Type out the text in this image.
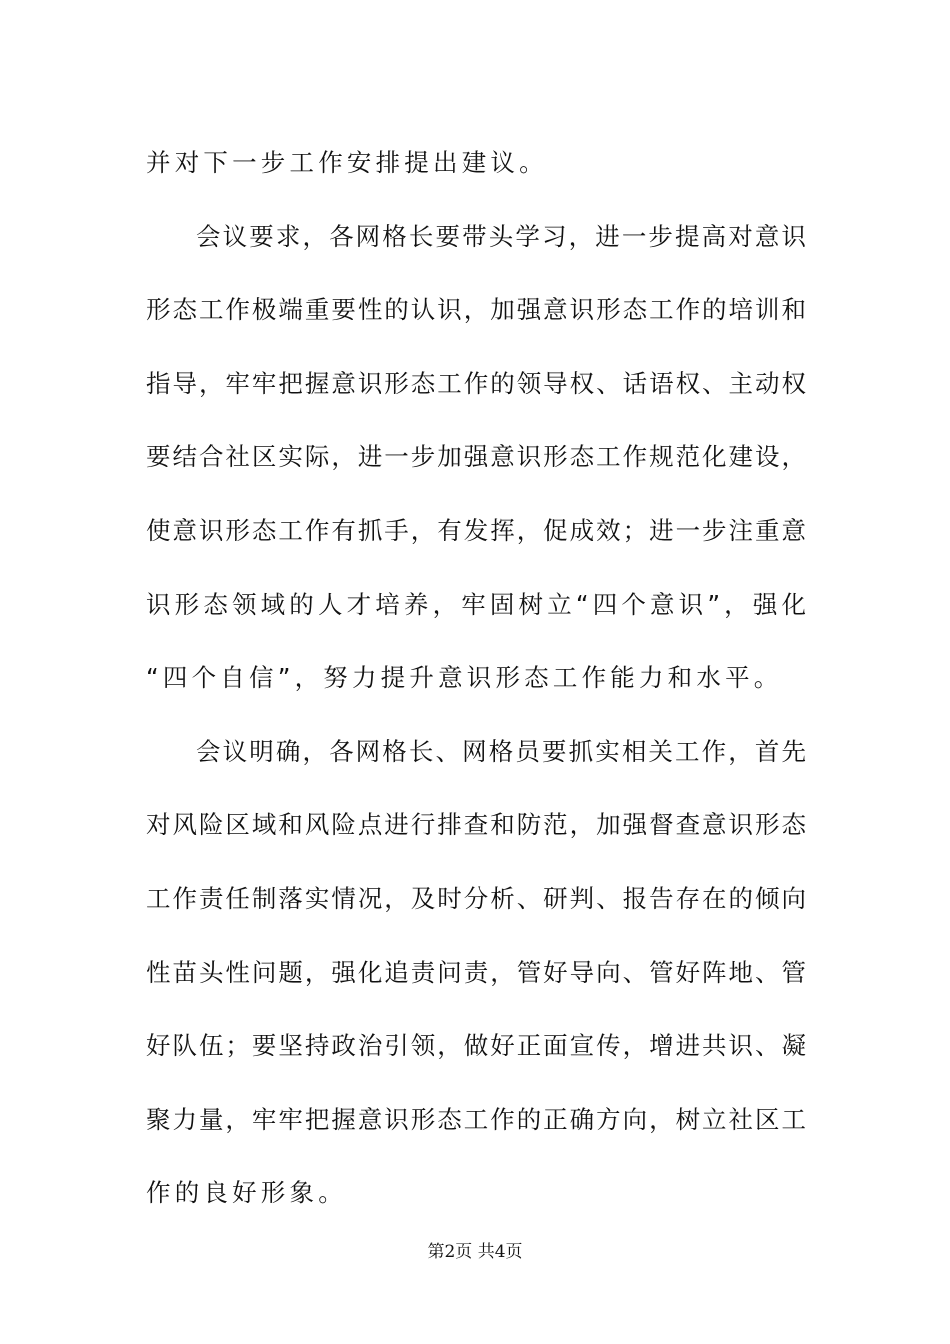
并对下一步工作安排提出建议。
会议要求，各网格长要带头学习，进一步提高对意识
形态工作极端重要性的认识，加强意识形态工作的培训和
指导，牢牢把握意识形态工作的领导权、话语权、主动权
要结合社区实际，进一步加强意识形态工作规范化建设，
使意识形态工作有抓手，有发挥，促成效；进一步注重意
识形态领域的人才培养，牢固树立“四个意识”，强化
“四个自信”，努力提升意识形态工作能力和水平。
会议明确，各网格长、网格员要抓实相关工作，首先
对风险区域和风险点进行排查和防范，加强督查意识形态
工作责任制落实情况，及时分析、研判、报告存在的倾向
性苗头性问题，强化追责问责，管好导向、管好阵地、管
好队伍；要坚持政治引领，做好正面宣传，增进共识、凝
聚力量，牢牢把握意识形态工作的正确方向，树立社区工
作的良好形象。
第2页 共4页
